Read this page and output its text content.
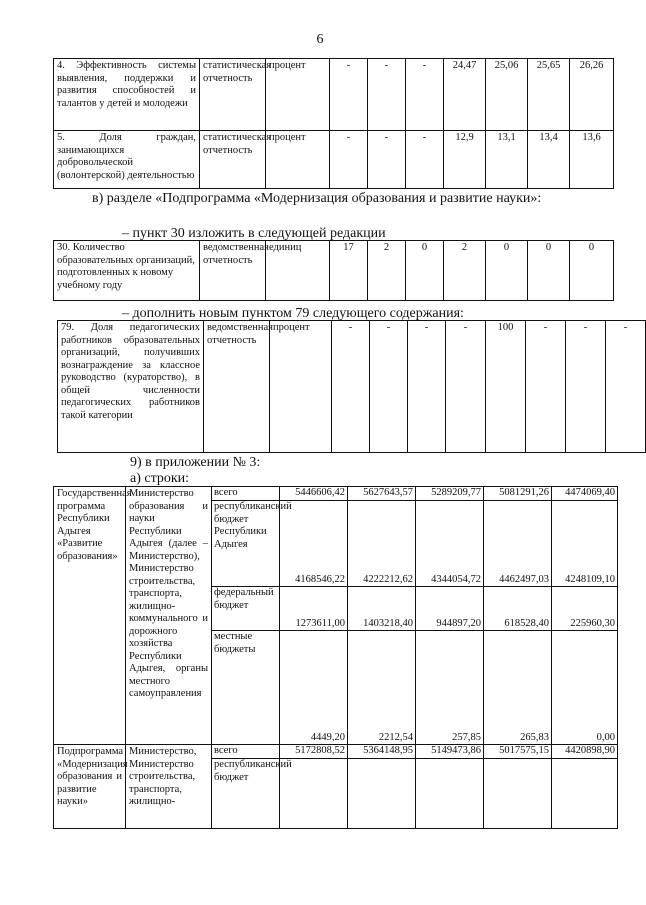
6
4. Эффективность системы выявления, поддержки и развития способностей и талантов у детей и молодежи	статистическая отчетность	процент	-	-	-	24,47	25,06	25,65	26,26
5. Доля граждан, занимающихся добровольческой (волонтерской) деятельностью	статистическая отчетность	процент	-	-	-	12,9	13,1	13,4	13,6
в) разделе «Подпрограмма «Модернизация образования и развитие науки»:
– пункт 30 изложить в следующей редакции
30. Количество образовательных организаций, подготовленных к новому учебному году	ведомственная отчетность	единиц	17	2	0	2	0	0	0
– дополнить новым пунктом 79 следующего содержания:
79. Доля педагогических работников образовательных организаций, получивших вознаграждение за классное руководство (кураторство), в общей численности педагогических работников такой категории	ведомственная отчетность	процент	-	-	-	-	100	-	-	-
9) в приложении № 3:
а) строки:
Государственная программа Республики Адыгея «Развитие образования»	Министерство образования и науки Республики Адыгея (далее – Министерство), Министерство строительства, транспорта, жилищно-коммунального и дорожного хозяйства Республики Адыгея, органы местного самоуправления	всего	5446606,42	5627643,57	5289209,77	5081291,26	4474069,40
		республиканский бюджет Республики Адыгея	4168546,22	4222212,62	4344054,72	4462497,03	4248109,10
		федеральный бюджет	1273611,00	1403218,40	944897,20	618528,40	225960,30
		местные бюджеты	4449,20	2212,54	257,85	265,83	0,00
Подпрограмма «Модернизация образования и развитие науки»	Министерство, Министерство строительства, транспорта, жилищно-	всего	5172808,52	5364148,95	5149473,86	5017575,15	4420898,90
		республиканский бюджет					
